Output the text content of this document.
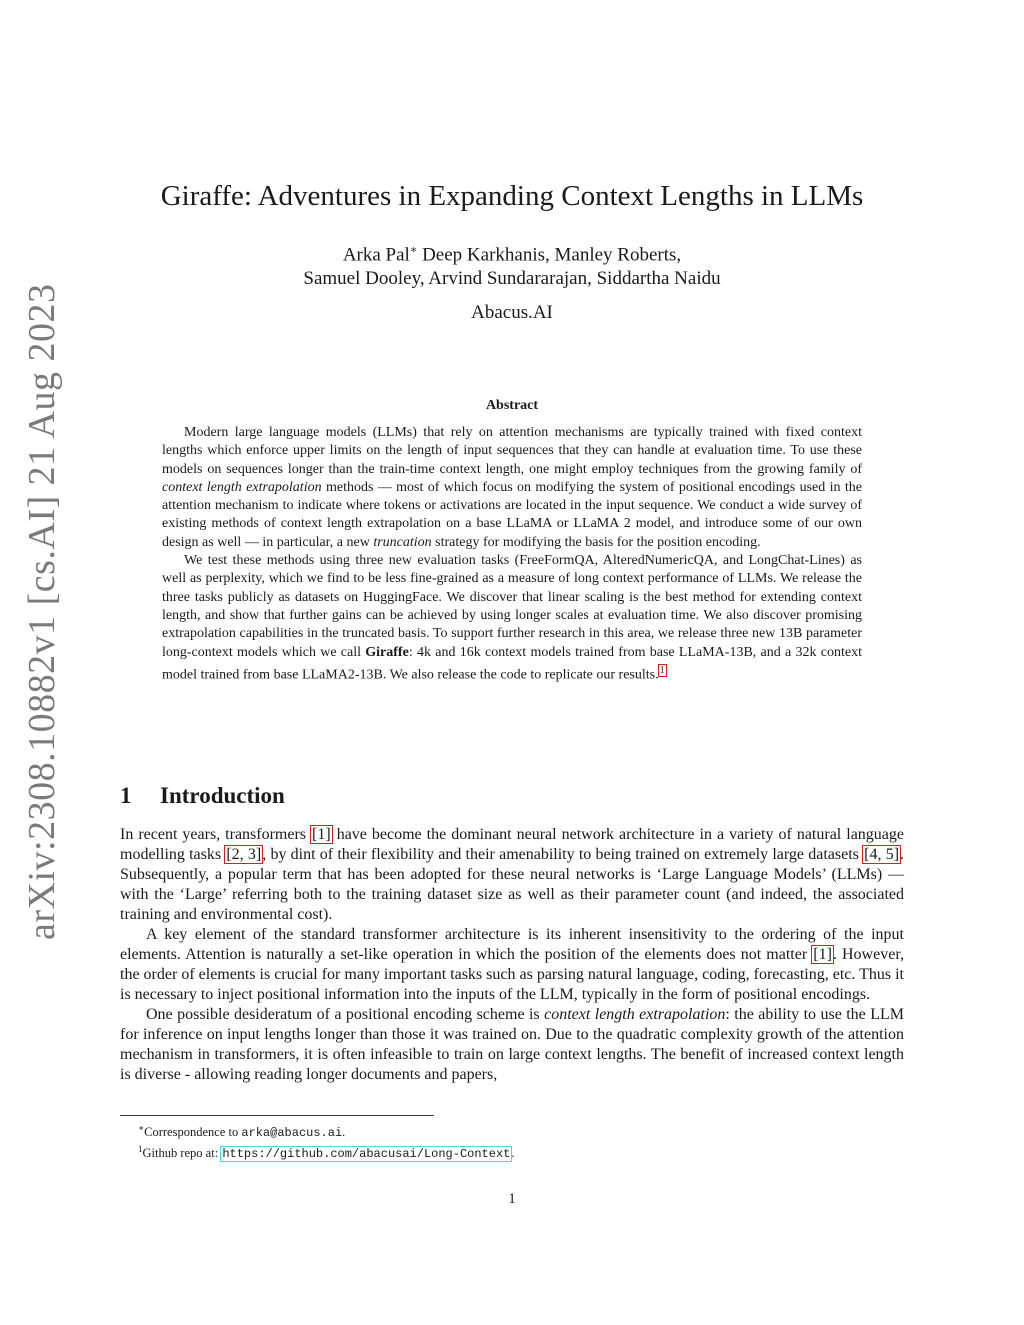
arXiv:2308.10882v1 [cs.AI] 21 Aug 2023
Giraffe: Adventures in Expanding Context Lengths in LLMs
Arka Pal∗ Deep Karkhanis, Manley Roberts,
Samuel Dooley, Arvind Sundararajan, Siddartha Naidu
Abacus.AI
Abstract

Modern large language models (LLMs) that rely on attention mechanisms are typically trained with fixed context lengths which enforce upper limits on the length of input sequences that they can handle at evaluation time. To use these models on sequences longer than the train-time context length, one might employ techniques from the growing family of context length extrapolation methods — most of which focus on modifying the system of positional encodings used in the attention mechanism to indicate where tokens or activations are located in the input sequence. We conduct a wide survey of existing methods of context length extrapolation on a base LLaMA or LLaMA 2 model, and introduce some of our own design as well — in particular, a new truncation strategy for modifying the basis for the position encoding.

We test these methods using three new evaluation tasks (FreeFormQA, AlteredNumericQA, and LongChat-Lines) as well as perplexity, which we find to be less fine-grained as a measure of long context performance of LLMs. We release the three tasks publicly as datasets on HuggingFace. We discover that linear scaling is the best method for extending context length, and show that further gains can be achieved by using longer scales at evaluation time. We also discover promising extrapolation capabilities in the truncated basis. To support further research in this area, we release three new 13B parameter long-context models which we call Giraffe: 4k and 16k context models trained from base LLaMA-13B, and a 32k context model trained from base LLaMA2-13B. We also release the code to replicate our results.$^1$

1 Introduction

In recent years, transformers [1] have become the dominant neural network architecture in a variety of natural language modelling tasks [2, 3], by dint of their flexibility and their amenability to being trained on extremely large datasets [4, 5]. Subsequently, a popular term that has been adopted for these neural networks is ‘Large Language Models’ (LLMs) — with the ‘Large’ referring both to the training dataset size as well as their parameter count (and indeed, the associated training and environmental cost).

A key element of the standard transformer architecture is its inherent insensitivity to the ordering of the input elements. Attention is naturally a set-like operation in which the position of the elements does not matter [1]. However, the order of elements is crucial for many important tasks such as parsing natural language, coding, forecasting, etc. Thus it is necessary to inject positional information into the inputs of the LLM, typically in the form of positional encodings.

One possible desideratum of a positional encoding scheme is context length extrapolation: the ability to use the LLM for inference on input lengths longer than those it was trained on. Due to the quadratic complexity growth of the attention mechanism in transformers, it is often infeasible to train on large context lengths. The benefit of increased context length is diverse - allowing reading longer documents and papers,

∗Correspondence to arka@abacus.ai.
$^1$Github repo at: https://github.com/abacusai/Long-Context.
1
